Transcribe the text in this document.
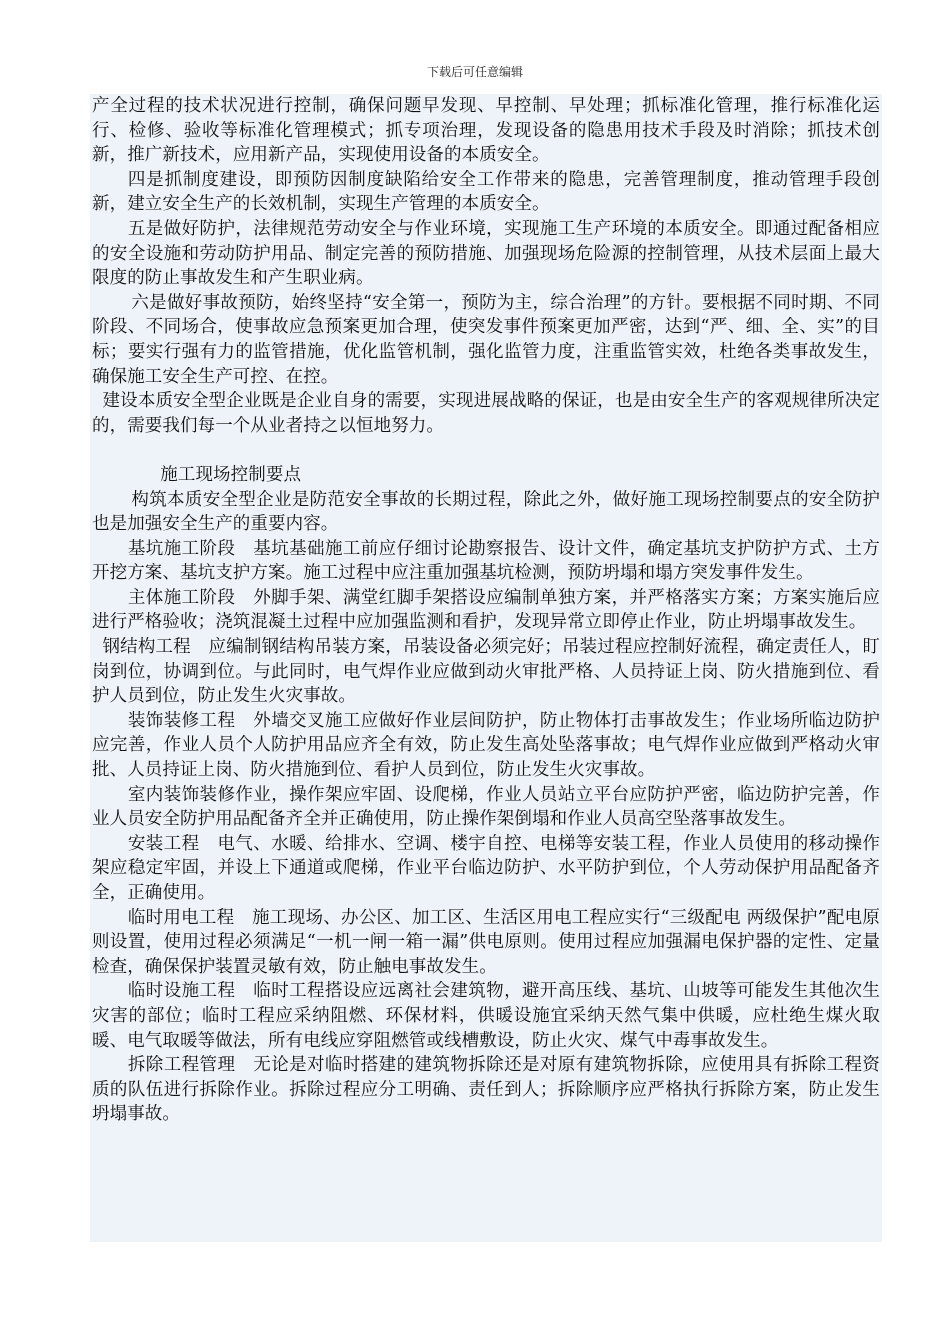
下载后可任意编辑

产全过程的技术状况进行控制，确保问题早发现、早控制、早处理；抓标准化管理，推行标准化运行、检修、验收等标准化管理模式；抓专项治理，发现设备的隐患用技术手段及时消除；抓技术创新，推广新技术，应用新产品，实现使用设备的本质安全。

四是抓制度建设，即预防因制度缺陷给安全工作带来的隐患，完善管理制度，推动管理手段创新，建立安全生产的长效机制，实现生产管理的本质安全。

五是做好防护，法律规范劳动安全与作业环境，实现施工生产环境的本质安全。即通过配备相应的安全设施和劳动防护用品、制定完善的预防措施、加强现场危险源的控制管理，从技术层面上最大限度的防止事故发生和产生职业病。

六是做好事故预防，始终坚持“安全第一，预防为主，综合治理”的方针。要根据不同时期、不同阶段、不同场合，使事故应急预案更加合理，使突发事件预案更加严密，达到“严、细、全、实”的目标；要实行强有力的监管措施，优化监管机制，强化监管力度，注重监管实效，杜绝各类事故发生，确保施工安全生产可控、在控。

建设本质安全型企业既是企业自身的需要，实现进展战略的保证，也是由安全生产的客观规律所决定的，需要我们每一个从业者持之以恒地努力。

施工现场控制要点

构筑本质安全型企业是防范安全事故的长期过程，除此之外，做好施工现场控制要点的安全防护也是加强安全生产的重要内容。

基坑施工阶段　基坑基础施工前应仔细讨论勘察报告、设计文件，确定基坑支护防护方式、土方开挖方案、基坑支护方案。施工过程中应注重加强基坑检测，预防坍塌和塌方突发事件发生。

主体施工阶段　外脚手架、满堂红脚手架搭设应编制单独方案，并严格落实方案；方案实施后应进行严格验收；浇筑混凝土过程中应加强监测和看护，发现异常立即停止作业，防止坍塌事故发生。

钢结构工程　应编制钢结构吊装方案，吊装设备必须完好；吊装过程应控制好流程，确定责任人，盯岗到位，协调到位。与此同时，电气焊作业应做到动火审批严格、人员持证上岗、防火措施到位、看护人员到位，防止发生火灾事故。

装饰装修工程　外墙交叉施工应做好作业层间防护，防止物体打击事故发生；作业场所临边防护应完善，作业人员个人防护用品应齐全有效，防止发生高处坠落事故；电气焊作业应做到严格动火审批、人员持证上岗、防火措施到位、看护人员到位，防止发生火灾事故。

室内装饰装修作业，操作架应牢固、设爬梯，作业人员站立平台应防护严密，临边防护完善，作业人员安全防护用品配备齐全并正确使用，防止操作架倒塌和作业人员高空坠落事故发生。

安装工程　电气、水暖、给排水、空调、楼宇自控、电梯等安装工程，作业人员使用的移动操作架应稳定牢固，并设上下通道或爬梯，作业平台临边防护、水平防护到位，个人劳动保护用品配备齐全，正确使用。

临时用电工程　施工现场、办公区、加工区、生活区用电工程应实行“三级配电 两级保护”配电原则设置，使用过程必须满足“一机一闸一箱一漏”供电原则。使用过程应加强漏电保护器的定性、定量检查，确保保护装置灵敏有效，防止触电事故发生。

临时设施工程　临时工程搭设应远离社会建筑物，避开高压线、基坑、山坡等可能发生其他次生灾害的部位；临时工程应采纳阻燃、环保材料，供暖设施宜采纳天然气集中供暖，应杜绝生煤火取暖、电气取暖等做法，所有电线应穿阻燃管或线槽敷设，防止火灾、煤气中毒事故发生。

拆除工程管理　无论是对临时搭建的建筑物拆除还是对原有建筑物拆除，应使用具有拆除工程资质的队伍进行拆除作业。拆除过程应分工明确、责任到人；拆除顺序应严格执行拆除方案，防止发生坍塌事故。
